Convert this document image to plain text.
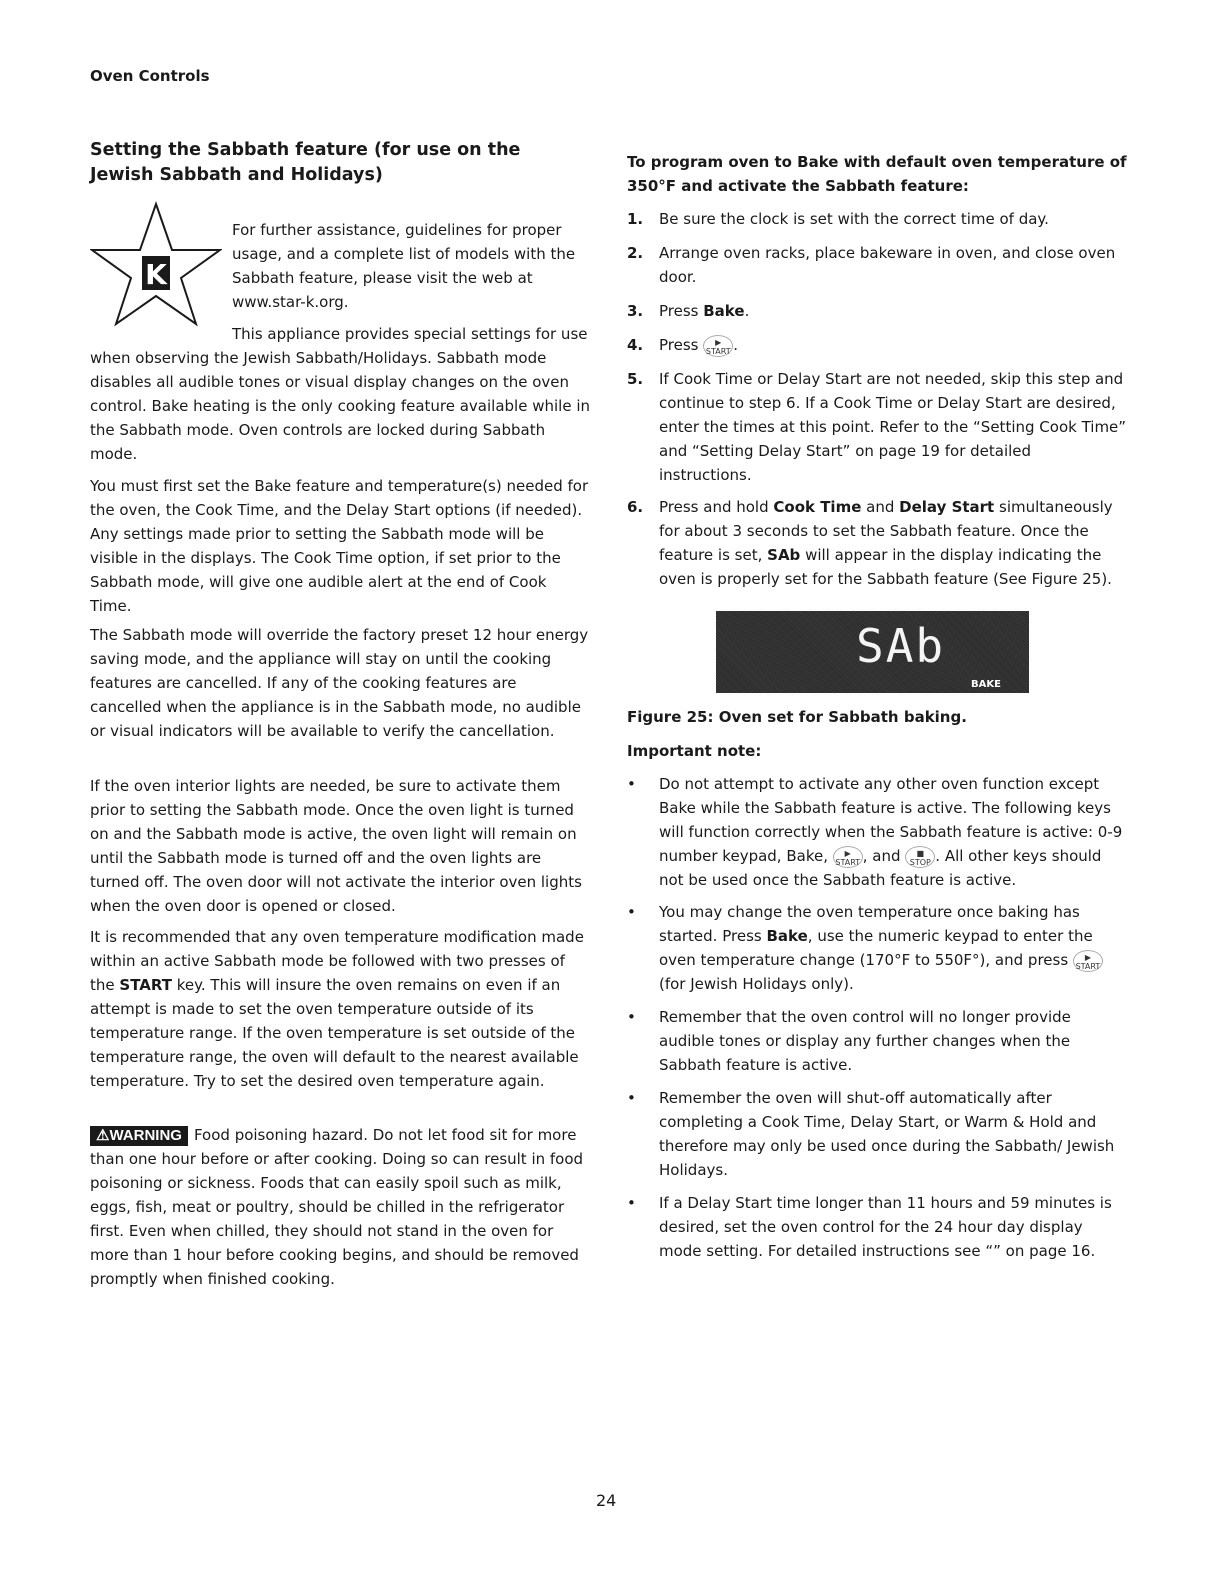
Oven Controls
Setting the Sabbath feature (for use on the Jewish Sabbath and Holidays)
K

For further assistance, guidelines for proper usage, and a complete list of models with the Sabbath feature, please visit the web at www.star-k.org.

This appliance provides special settings for use when observing the Jewish Sabbath/Holidays. Sabbath mode disables all audible tones or visual display changes on the oven control. Bake heating is the only cooking feature available while in the Sabbath mode. Oven controls are locked during Sabbath mode.

You must first set the Bake feature and temperature(s) needed for the oven, the Cook Time, and the Delay Start options (if needed). Any settings made prior to setting the Sabbath mode will be visible in the displays. The Cook Time option, if set prior to the Sabbath mode, will give one audible alert at the end of Cook Time.

The Sabbath mode will override the factory preset 12 hour energy saving mode, and the appliance will stay on until the cooking features are cancelled. If any of the cooking features are cancelled when the appliance is in the Sabbath mode, no audible or visual indicators will be available to verify the cancellation.

If the oven interior lights are needed, be sure to activate them prior to setting the Sabbath mode. Once the oven light is turned on and the Sabbath mode is active, the oven light will remain on until the Sabbath mode is turned off and the oven lights are turned off. The oven door will not activate the interior oven lights when the oven door is opened or closed.

It is recommended that any oven temperature modification made within an active Sabbath mode be followed with two presses of the START key. This will insure the oven remains on even if an attempt is made to set the oven temperature outside of its temperature range. If the oven temperature is set outside of the temperature range, the oven will default to the nearest available temperature. Try to set the desired oven temperature again.

⚠WARNING Food poisoning hazard. Do not let food sit for more than one hour before or after cooking. Doing so can result in food poisoning or sickness. Foods that can easily spoil such as milk, eggs, fish, meat or poultry, should be chilled in the refrigerator first. Even when chilled, they should not stand in the oven for more than 1 hour before cooking begins, and should be removed promptly when finished cooking.

To program oven to Bake with default oven temperature of 350°F and activate the Sabbath feature:
1. Be sure the clock is set with the correct time of day.
2. Arrange oven racks, place bakeware in oven, and close oven door.
3. Press Bake.
4. Press ▶
START .
5. If Cook Time or Delay Start are not needed, skip this step and continue to step 6. If a Cook Time or Delay Start are desired, enter the times at this point. Refer to the “Setting Cook Time” and “Setting Delay Start” on page 19 for detailed instructions.
6. Press and hold Cook Time and Delay Start simultaneously for about 3 seconds to set the Sabbath feature. Once the feature is set, SAb will appear in the display indicating the oven is properly set for the Sabbath feature (See Figure 25).
SAb
BAKE
Figure 25: Oven set for Sabbath baking.
Important note:
• Do not attempt to activate any other oven function except Bake while the Sabbath feature is active. The following keys will function correctly when the Sabbath feature is active: 0-9 number keypad, Bake, ▶
START , and ■
STOP . All other keys should not be used once the Sabbath feature is active.
• You may change the oven temperature once baking has started. Press Bake, use the numeric keypad to enter the oven temperature change (170°F to 550F°), and press ▶
START (for Jewish Holidays only).
• Remember that the oven control will no longer provide audible tones or display any further changes when the Sabbath feature is active.
• Remember the oven will shut-off automatically after completing a Cook Time, Delay Start, or Warm & Hold and therefore may only be used once during the Sabbath/ Jewish Holidays.
• If a Delay Start time longer than 11 hours and 59 minutes is desired, set the oven control for the 24 hour day display mode setting. For detailed instructions see “” on page 16.
24
